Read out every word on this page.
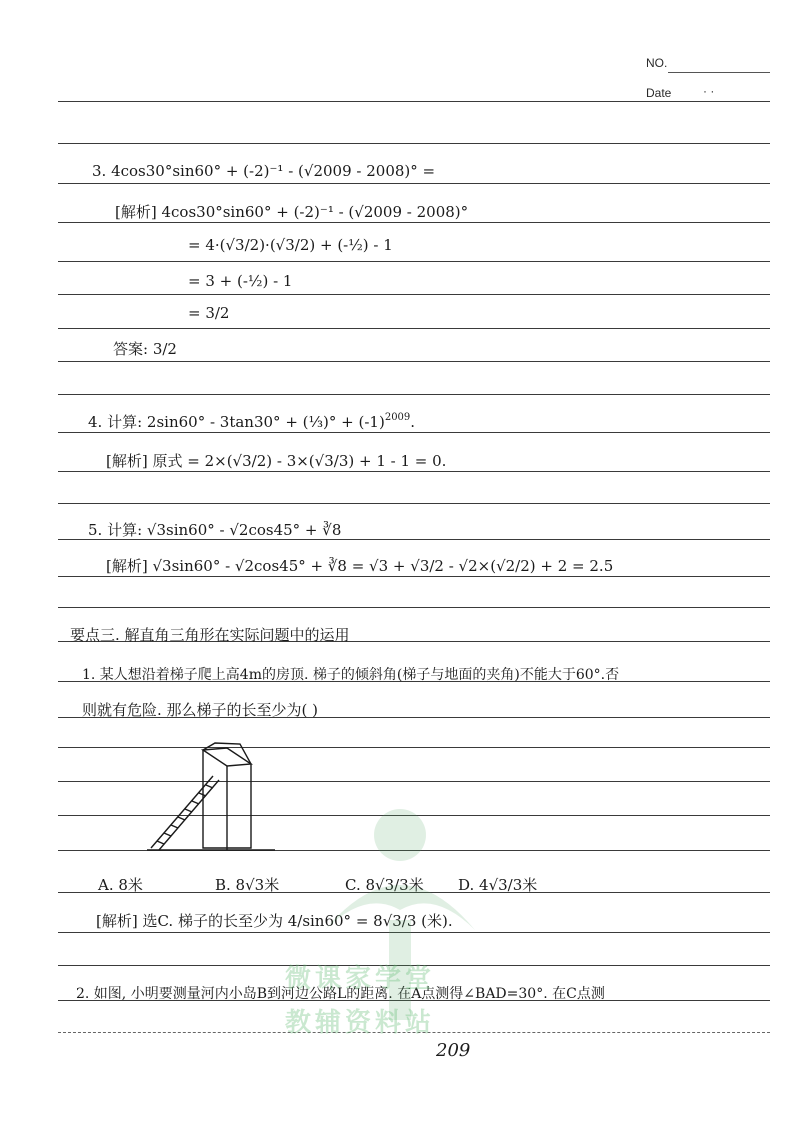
NO.
Date	· ·
3. 4cos30°sin60° + (-2)⁻¹ - (√2009 - 2008)° =
[解析] 4cos30°sin60° + (-2)⁻¹ - (√2009 - 2008)°
= 4·(√3/2)·(√3/2) + (-½) - 1
= 3 + (-½) - 1
= 3/2
答案: 3/2
4. 计算: 2sin60° - 3tan30° + (⅓)° + $(-1)^{2009}$.
[解析] 原式 = 2×(√3/2) - 3×(√3/3) + 1 - 1 = 0.
5. 计算: √3sin60° - √2cos45° + ∛8
[解析] √3sin60° - √2cos45° + ∛8 = √3 + √3/2 - √2×(√2/2) + 2 = 2.5
要点三. 解直角三角形在实际问题中的运用
1. 某人想沿着梯子爬上高4m的房顶. 梯子的倾斜角(梯子与地面的夹角)不能大于60°.否
则就有危险. 那么梯子的长至少为( )
A. 8米	B. 8√3米	C. 8√3/3米 D. 4√3/3米
[解析] 选C. 梯子的长至少为 4/sin60° = 8√3/3 (米).
2. 如图, 小明要测量河内小岛B到河边公路L的距离. 在A点测得∠BAD=30°. 在C点测
微课家学堂
教辅资料站
209
